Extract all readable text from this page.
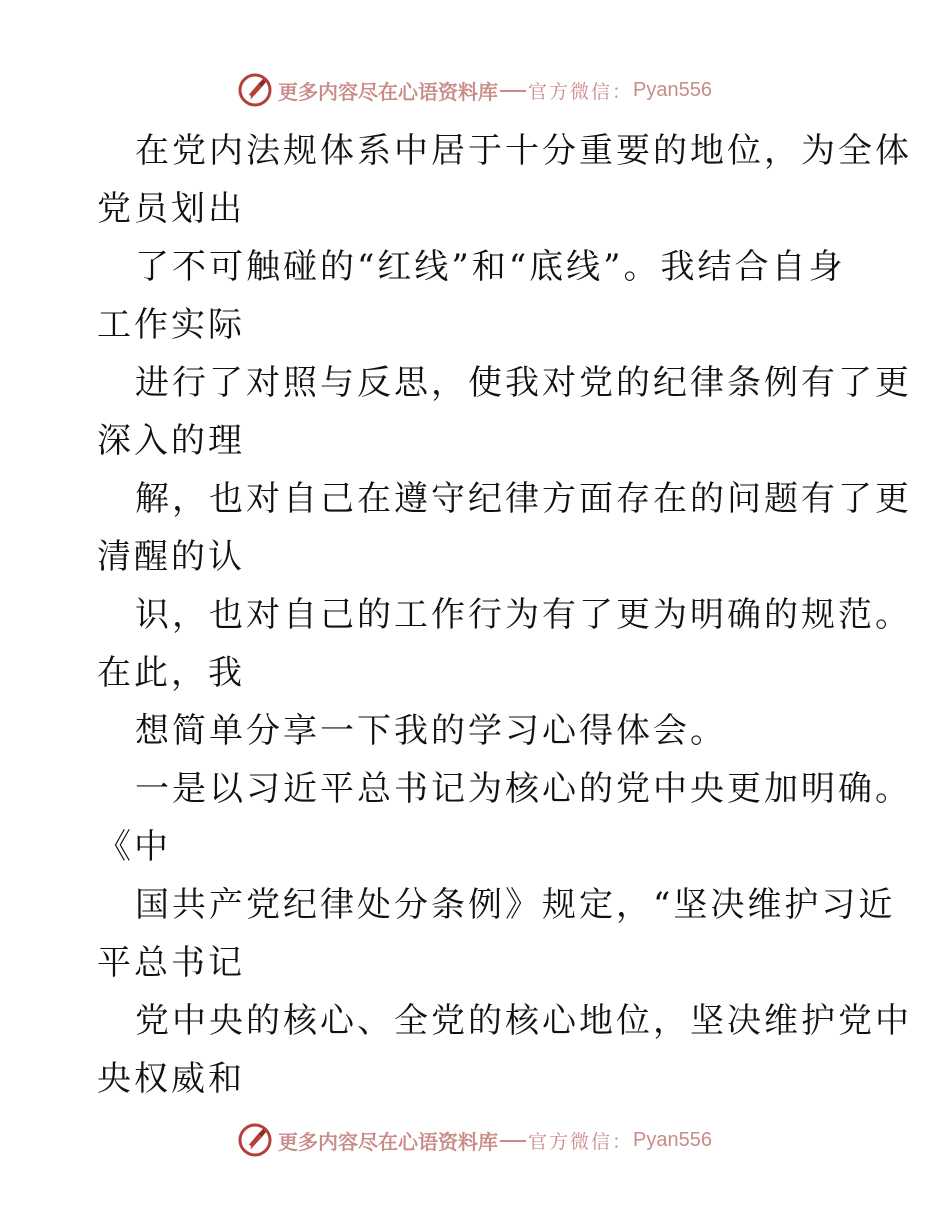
更多内容尽在心语资料库 官方微信： Pyan556
在党内法规体系中居于十分重要的地位，为全体
党员划出
了不可触碰的“红线”和“底线”。我结合自身
工作实际
进行了对照与反思，使我对党的纪律条例有了更
深入的理
解，也对自己在遵守纪律方面存在的问题有了更
清醒的认
识，也对自己的工作行为有了更为明确的规范。
在此，我
想简单分享一下我的学习心得体会。
一是以习近平总书记为核心的党中央更加明确。
《中
国共产党纪律处分条例》规定，“坚决维护习近
平总书记
党中央的核心、全党的核心地位，坚决维护党中
央权威和
更多内容尽在心语资料库 官方微信： Pyan556
